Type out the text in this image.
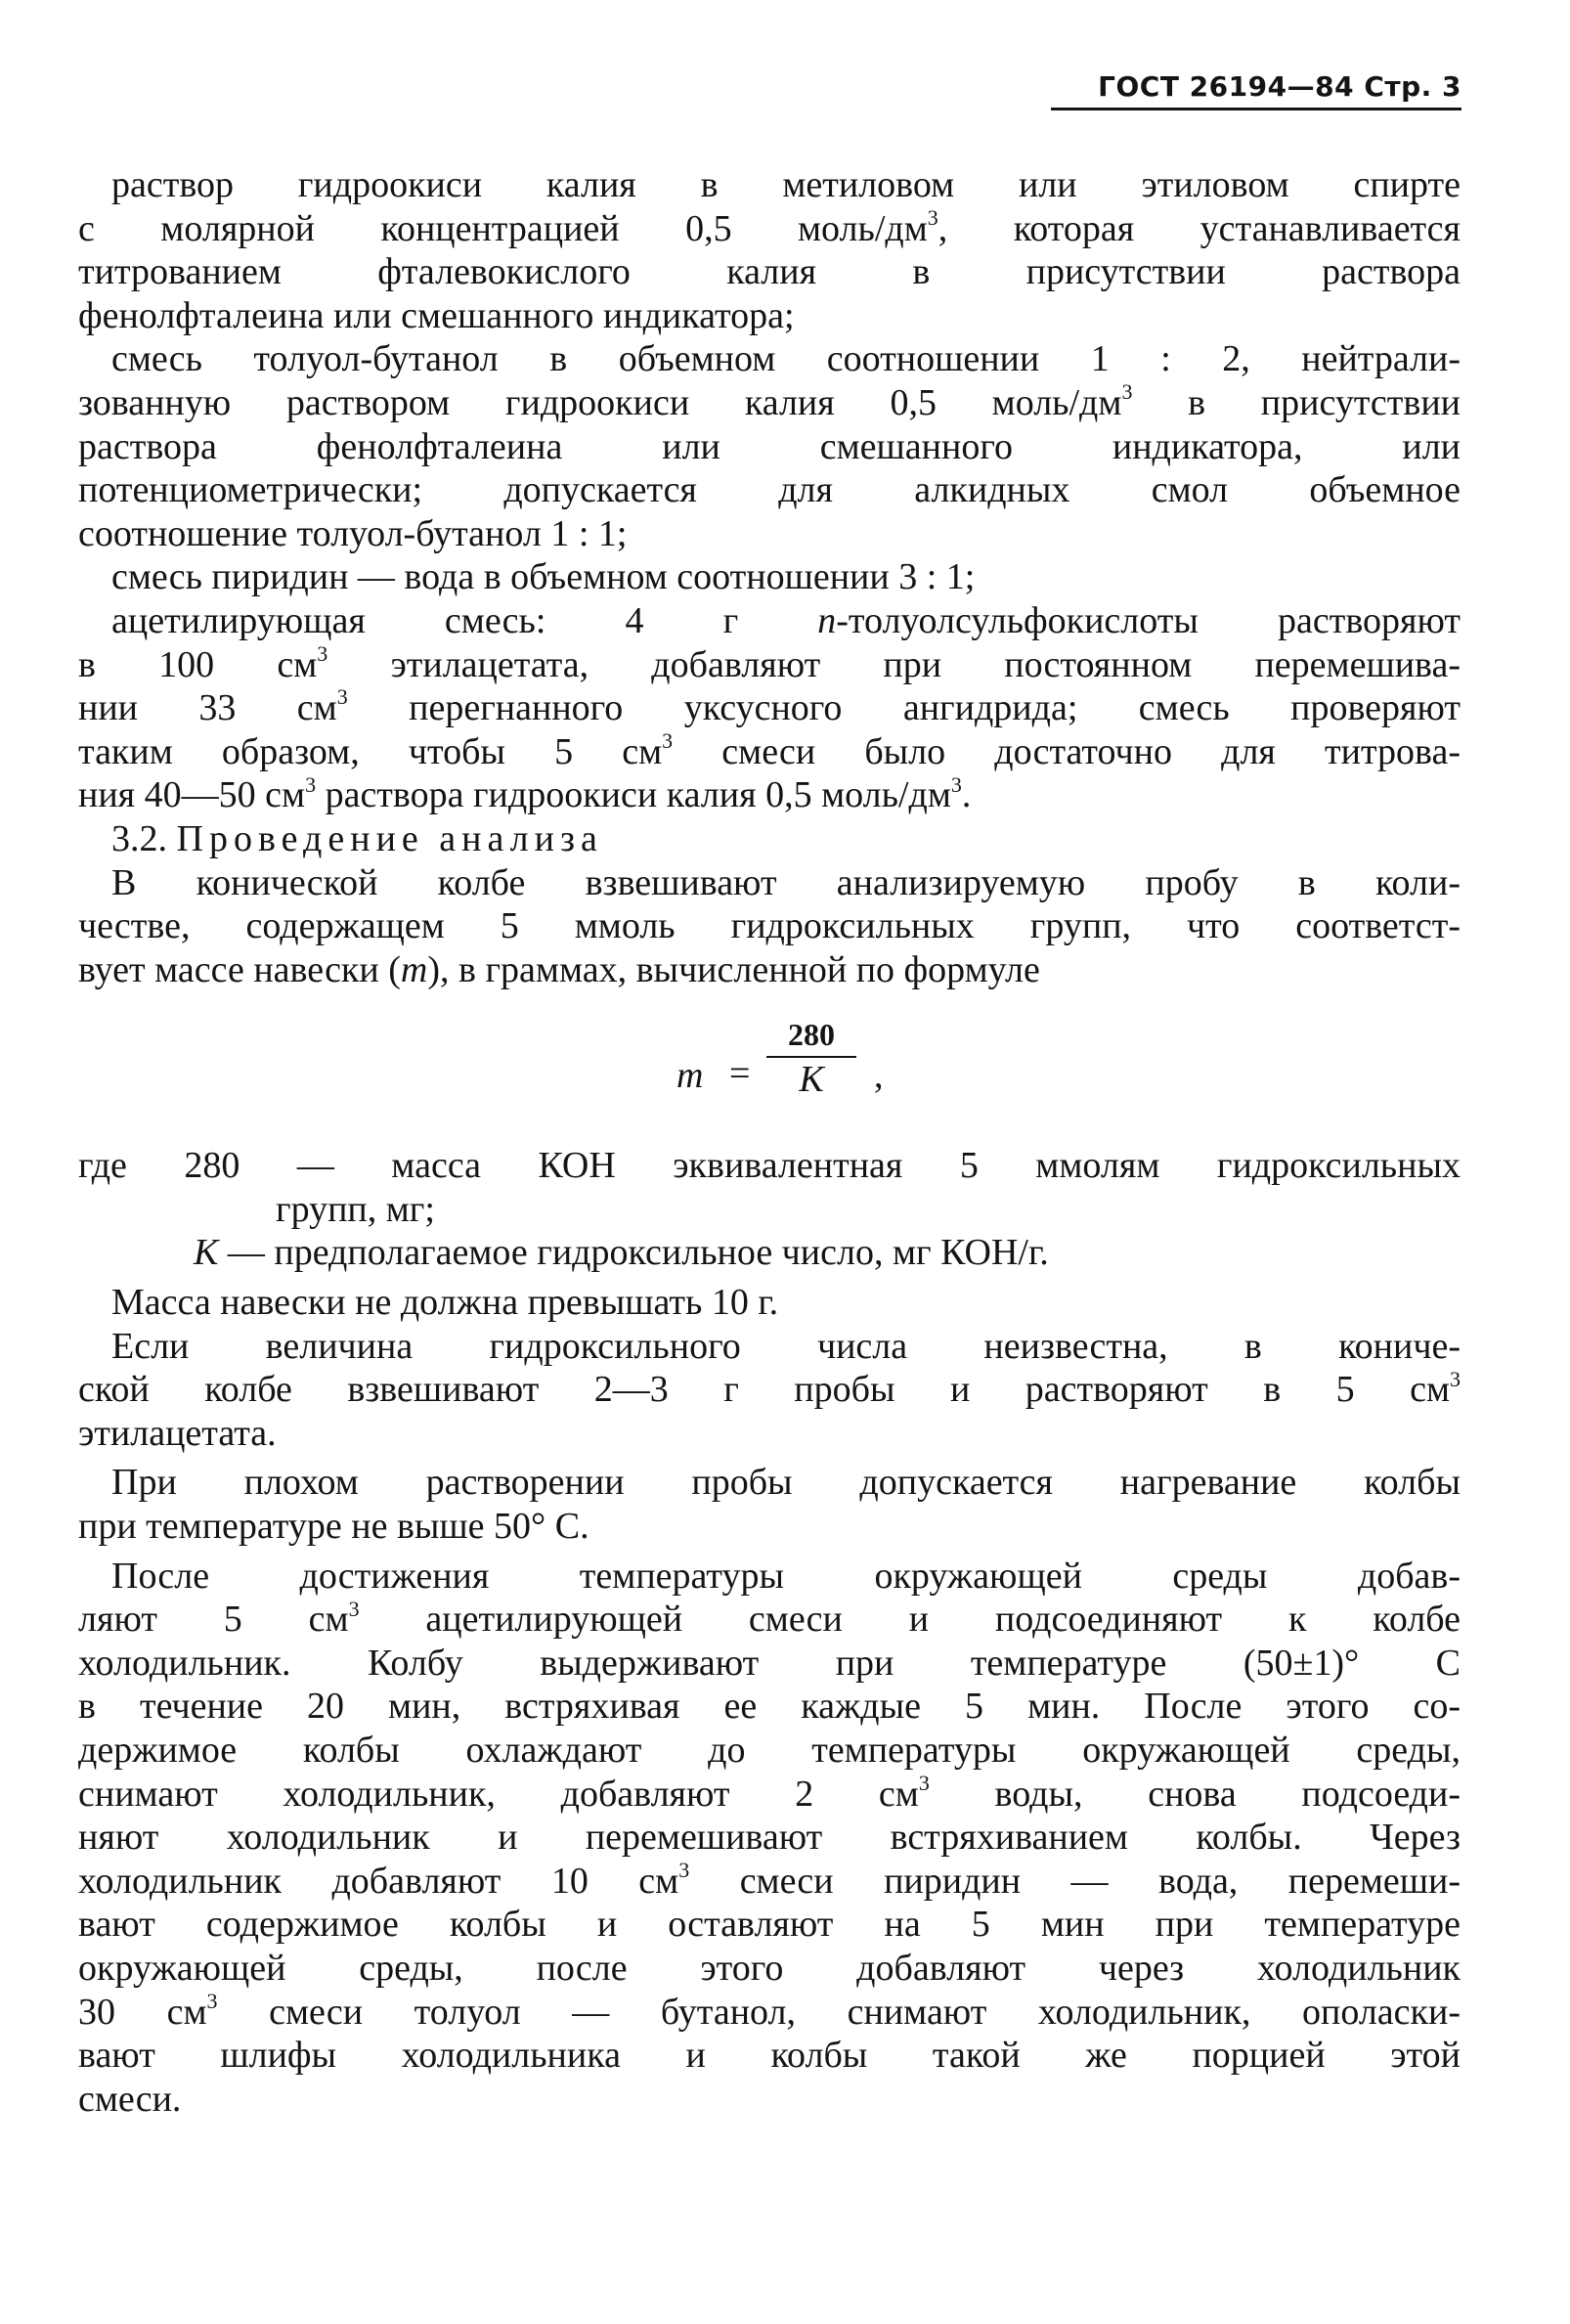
ГОСТ 26194—84 Стр. 3
раствор гидроокиси калия в метиловом или этиловом спирте
с молярной концентрацией 0,5 моль/$дм^3$, которая устанавливается
титрованием фталевокислого калия в присутствии раствора
фенолфталеина или смешанного индикатора;
смесь толуол-бутанол в объемном соотношении 1 : 2, нейтрали-
зованную раствором гидроокиси калия 0,5 моль/$дм^3$ в присутствии
раствора фенолфталеина или смешанного индикатора, или
потенциометрически; допускается для алкидных смол объемное
соотношение толуол-бутанол 1 : 1;
смесь пиридин — вода в объемном соотношении 3 : 1;
ацетилирующая смесь: 4 г п-толуолсульфокислоты растворяют
в 100 $см^3$ этилацетата, добавляют при постоянном перемешива-
нии 33 $см^3$ перегнанного уксусного ангидрида; смесь проверяют
таким образом, чтобы 5 $см^3$ смеси было достаточно для титрова-
ния 40—50 $см^3$ раствора гидроокиси калия 0,5 моль/$дм^3$.
3.2. Проведение анализа
В конической колбе взвешивают анализируемую пробу в коли-
честве, содержащем 5 ммоль гидроксильных групп, что соответст-
вует массе навески (m), в граммах, вычисленной по формуле
m =
280
K	,
где 280 — масса КОН эквивалентная 5 ммолям гидроксильных
групп, мг;
K — предполагаемое гидроксильное число, мг КОН/г.
Масса навески не должна превышать 10 г.
Если величина гидроксильного числа неизвестна, в кониче-
ской колбе взвешивают 2—3 г пробы и растворяют в 5 $см^3$
этилацетата.
При плохом растворении пробы допускается нагревание колбы
при температуре не выше 50° С.
После достижения температуры окружающей среды добав-
ляют 5 $см^3$ ацетилирующей смеси и подсоединяют к колбе
холодильник. Колбу выдерживают при температуре (50±1)° С
в течение 20 мин, встряхивая ее каждые 5 мин. После этого со-
держимое колбы охлаждают до температуры окружающей среды,
снимают холодильник, добавляют 2 $см^3$ воды, снова подсоеди-
няют холодильник и перемешивают встряхиванием колбы. Через
холодильник добавляют 10 $см^3$ смеси пиридин — вода, перемеши-
вают содержимое колбы и оставляют на 5 мин при температуре
окружающей среды, после этого добавляют через холодильник
30 $см^3$ смеси толуол — бутанол, снимают холодильник, ополаски-
вают шлифы холодильника и колбы такой же порцией этой
смеси.
